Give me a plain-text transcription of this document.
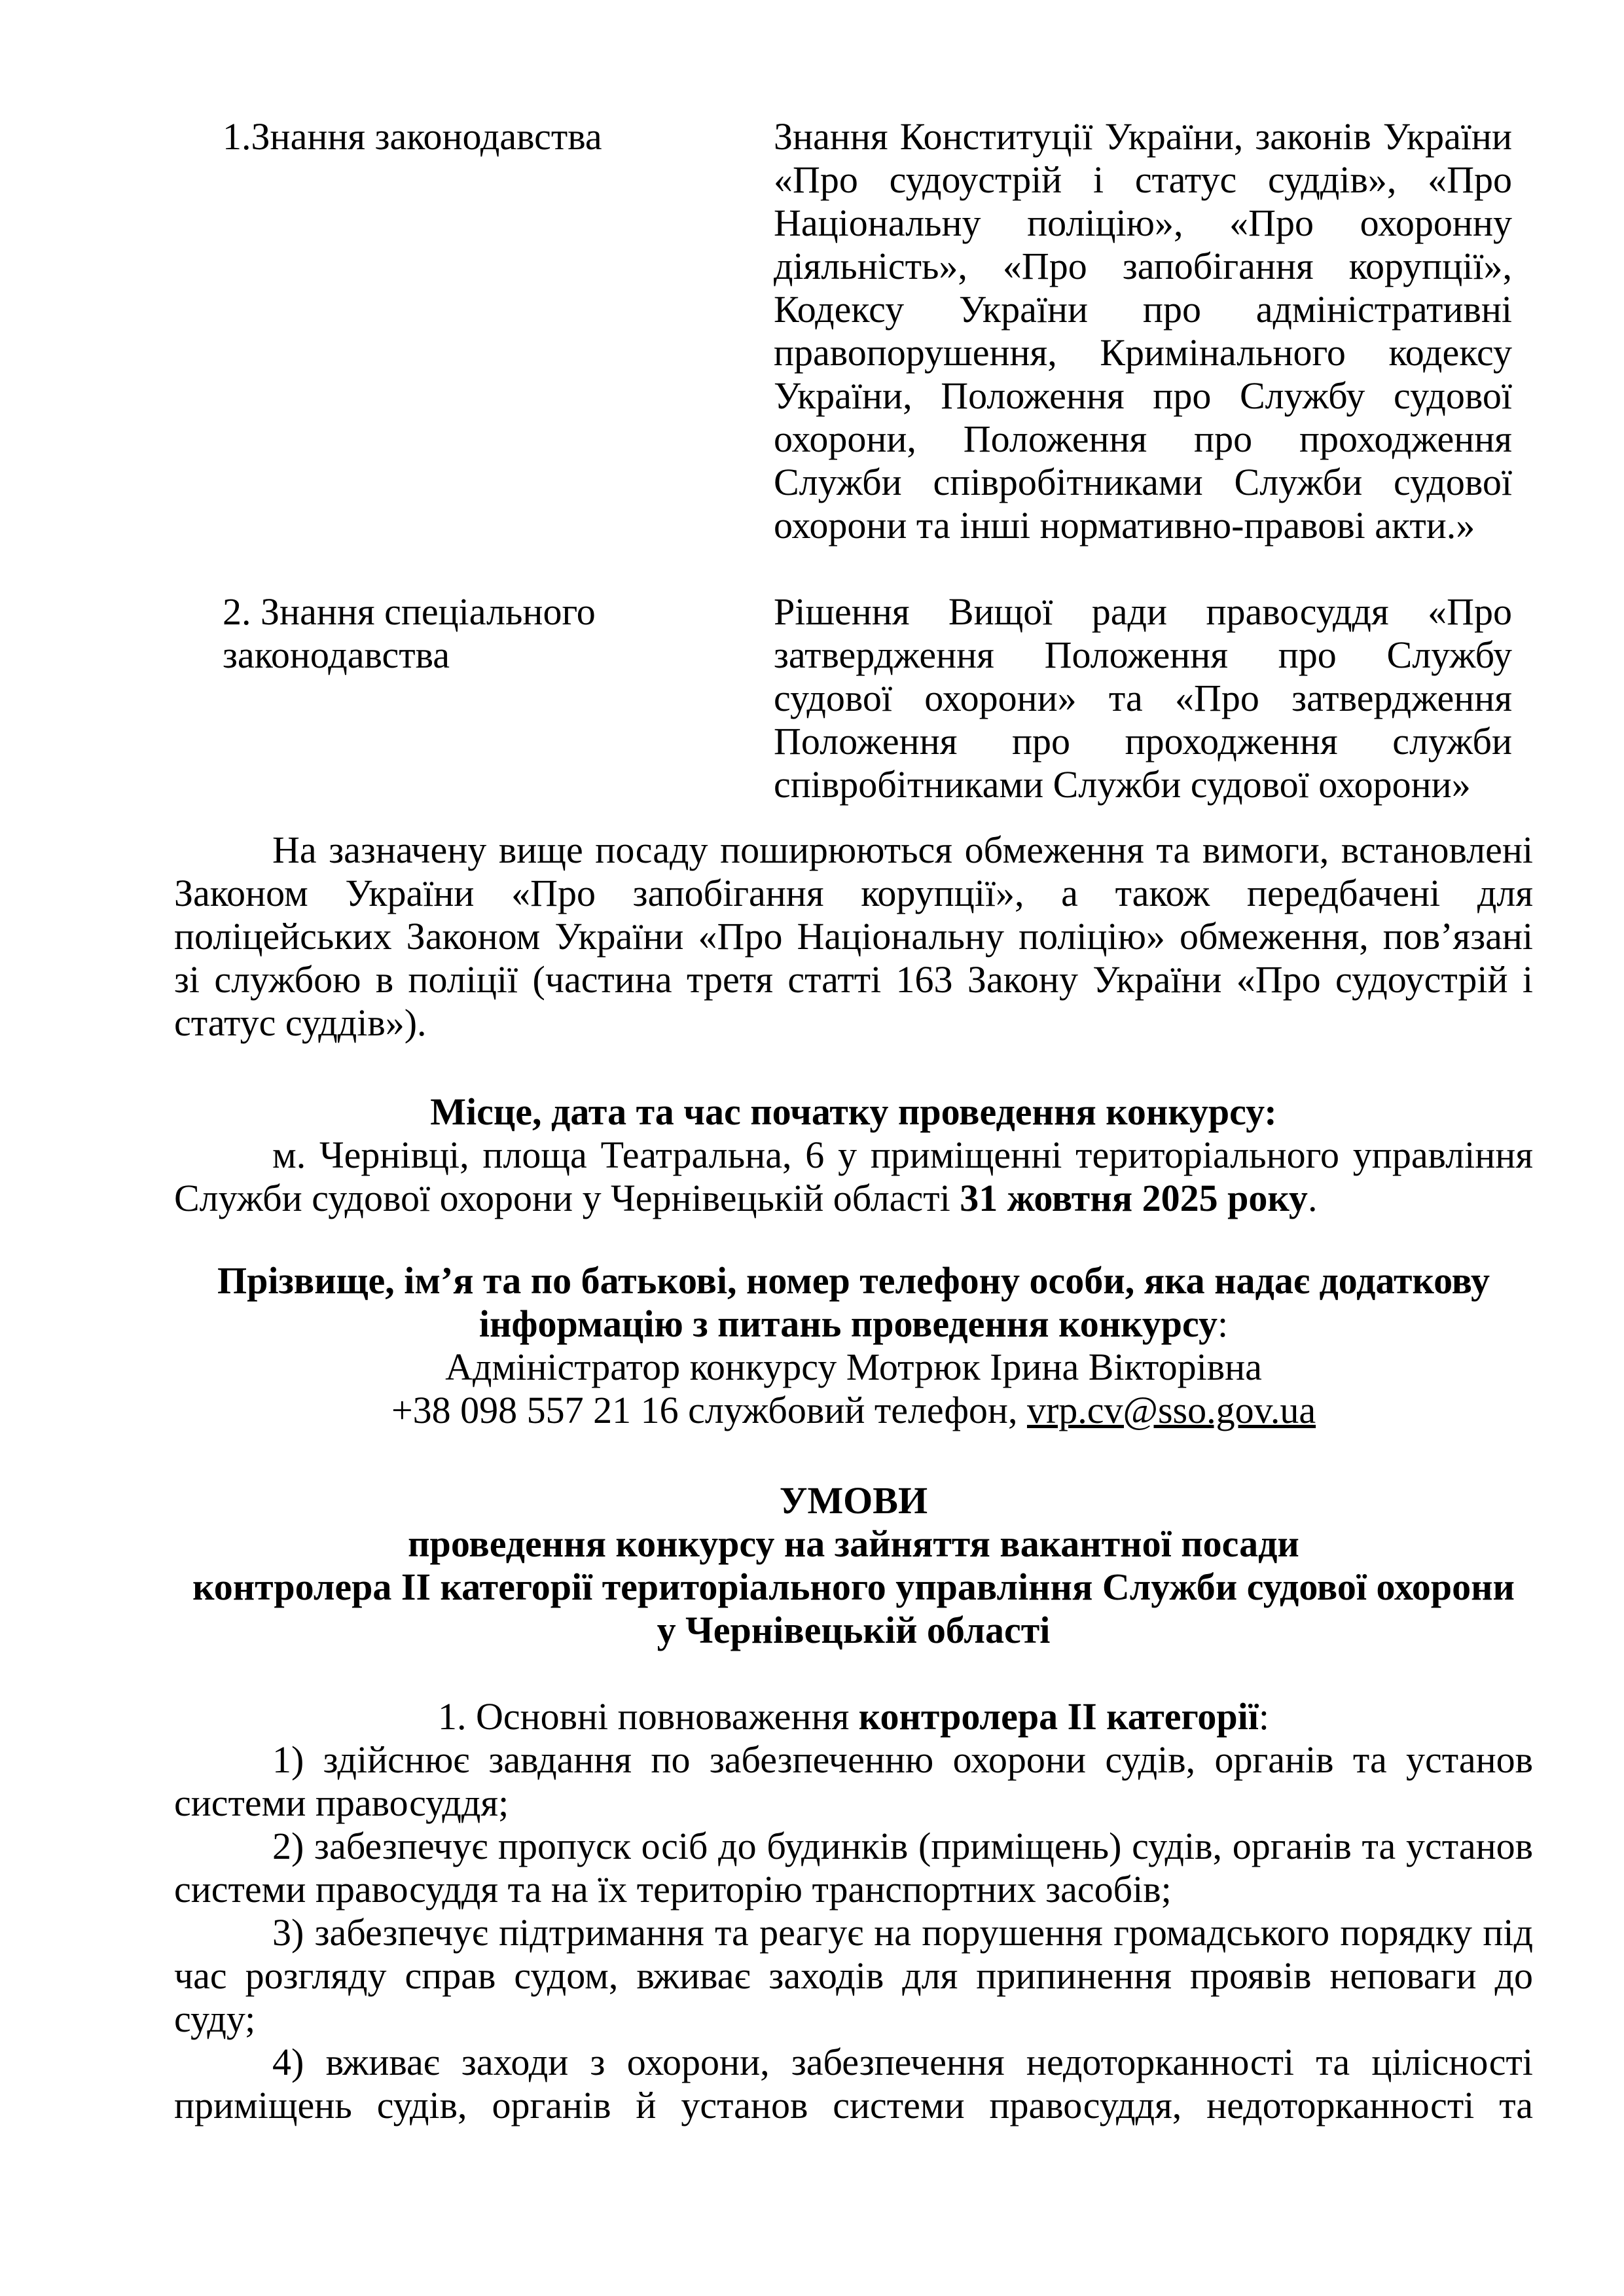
1.Знання законодавства	Знання Конституції України, законів України «Про судоустрій і статус суддів», «Про Національну поліцію», «Про охоронну діяльність», «Про запобігання корупції», Кодексу України про адміністративні правопорушення, Кримінального кодексу України, Положення про Службу судової охорони, Положення про проходження Служби співробітниками Служби судової охорони та інші нормативно-правові акти.»
2. Знання спеціального законодавства
Рішення Вищої ради правосуддя «Про затвердження Положення про Службу судової охорони» та «Про затвердження Положення про проходження служби співробітниками Служби судової охорони»

На зазначену вище посаду поширюються обмеження та вимоги, встановлені Законом України «Про запобігання корупції», а також передбачені для поліцейських Законом України «Про Національну поліцію» обмеження, пов’язані зі службою в поліції (частина третя статті 163 Закону України «Про судоустрій і статус суддів»).

Місце, дата та час початку проведення конкурсу:

м. Чернівці, площа Театральна, 6 у приміщенні територіального управління Служби судової охорони у Чернівецькій області 31 жовтня 2025 року.

Прізвище, ім’я та по батькові, номер телефону особи, яка надає додаткову інформацію з питань проведення конкурсу:

Адміністратор конкурсу Мотрюк Ірина Вікторівна

+38 098 557 21 16 службовий телефон, vrp.cv@sso.gov.ua

УМОВИ

проведення конкурсу на зайняття вакантної посади

контролера ІІ категорії територіального управління Служби судової охорони

у Чернівецькій області

1. Основні повноваження контролера ІІ категорії:

1) здійснює завдання по забезпеченню охорони судів, органів та установ системи правосуддя;

2) забезпечує пропуск осіб до будинків (приміщень) судів, органів та установ системи правосуддя та на їх територію транспортних засобів;

3) забезпечує підтримання та реагує на порушення громадського порядку під час розгляду справ судом, вживає заходів для припинення проявів неповаги до суду;

4) вживає заходи з охорони, забезпечення недоторканності та цілісності приміщень судів, органів й установ системи правосуддя, недоторканності та
